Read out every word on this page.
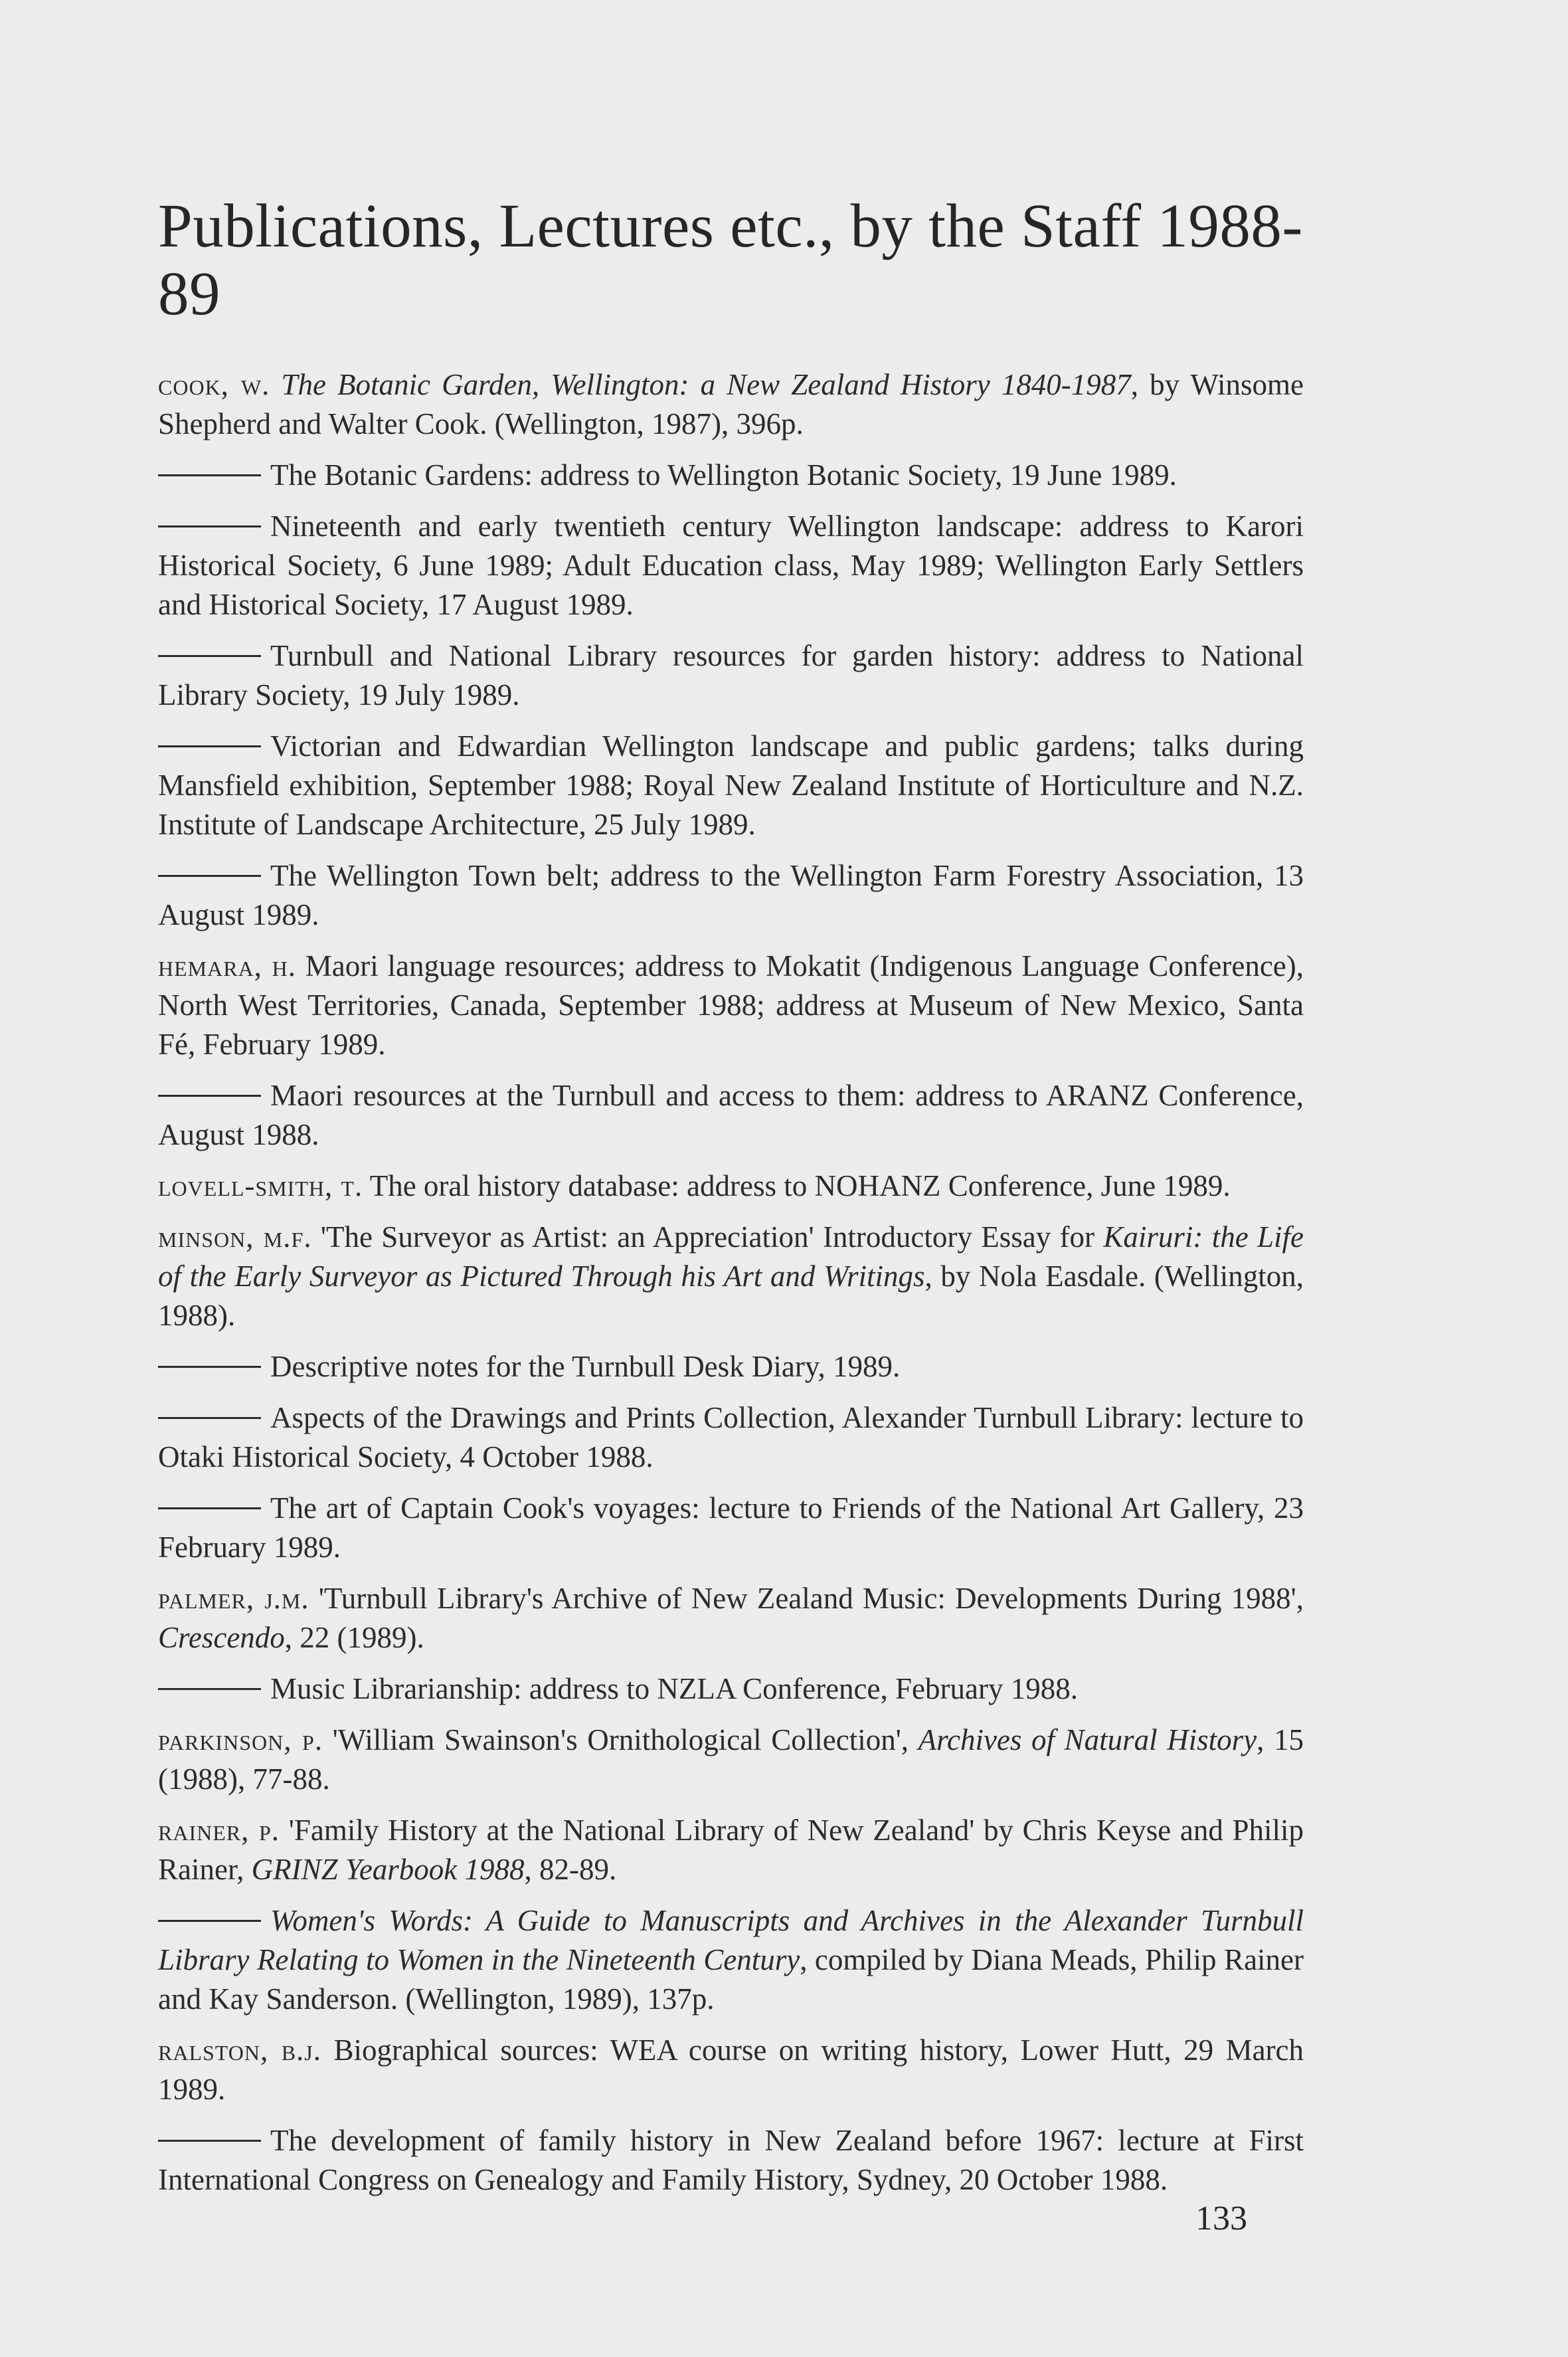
Publications, Lectures etc., by the Staff 1988-89

cook, w. The Botanic Garden, Wellington: a New Zealand History 1840-1987, by Winsome Shepherd and Walter Cook. (Wellington, 1987), 396p.

The Botanic Gardens: address to Wellington Botanic Society, 19 June 1989.

Nineteenth and early twentieth century Wellington landscape: address to Karori Historical Society, 6 June 1989; Adult Education class, May 1989; Wellington Early Settlers and Historical Society, 17 August 1989.

Turnbull and National Library resources for garden history: address to National Library Society, 19 July 1989.

Victorian and Edwardian Wellington landscape and public gardens; talks during Mansfield exhibition, September 1988; Royal New Zealand Institute of Horticulture and N.Z. Institute of Landscape Architecture, 25 July 1989.

The Wellington Town belt; address to the Wellington Farm Forestry Association, 13 August 1989.

hemara, h. Maori language resources; address to Mokatit (Indigenous Language Conference), North West Territories, Canada, September 1988; address at Museum of New Mexico, Santa Fé, February 1989.

Maori resources at the Turnbull and access to them: address to ARANZ Conference, August 1988.

lovell-smith, t. The oral history database: address to NOHANZ Conference, June 1989.

minson, m.f. 'The Surveyor as Artist: an Appreciation' Introductory Essay for Kairuri: the Life of the Early Surveyor as Pictured Through his Art and Writings, by Nola Easdale. (Wellington, 1988).

Descriptive notes for the Turnbull Desk Diary, 1989.

Aspects of the Drawings and Prints Collection, Alexander Turnbull Library: lecture to Otaki Historical Society, 4 October 1988.

The art of Captain Cook's voyages: lecture to Friends of the National Art Gallery, 23 February 1989.

palmer, j.m. 'Turnbull Library's Archive of New Zealand Music: Developments During 1988', Crescendo, 22 (1989).

Music Librarianship: address to NZLA Conference, February 1988.

parkinson, p. 'William Swainson's Ornithological Collection', Archives of Natural History, 15 (1988), 77-88.

rainer, p. 'Family History at the National Library of New Zealand' by Chris Keyse and Philip Rainer, GRINZ Yearbook 1988, 82-89.

Women's Words: A Guide to Manuscripts and Archives in the Alexander Turnbull Library Relating to Women in the Nineteenth Century, compiled by Diana Meads, Philip Rainer and Kay Sanderson. (Wellington, 1989), 137p.

ralston, b.j. Biographical sources: WEA course on writing history, Lower Hutt, 29 March 1989.

The development of family history in New Zealand before 1967: lecture at First International Congress on Genealogy and Family History, Sydney, 20 October 1988.

133
